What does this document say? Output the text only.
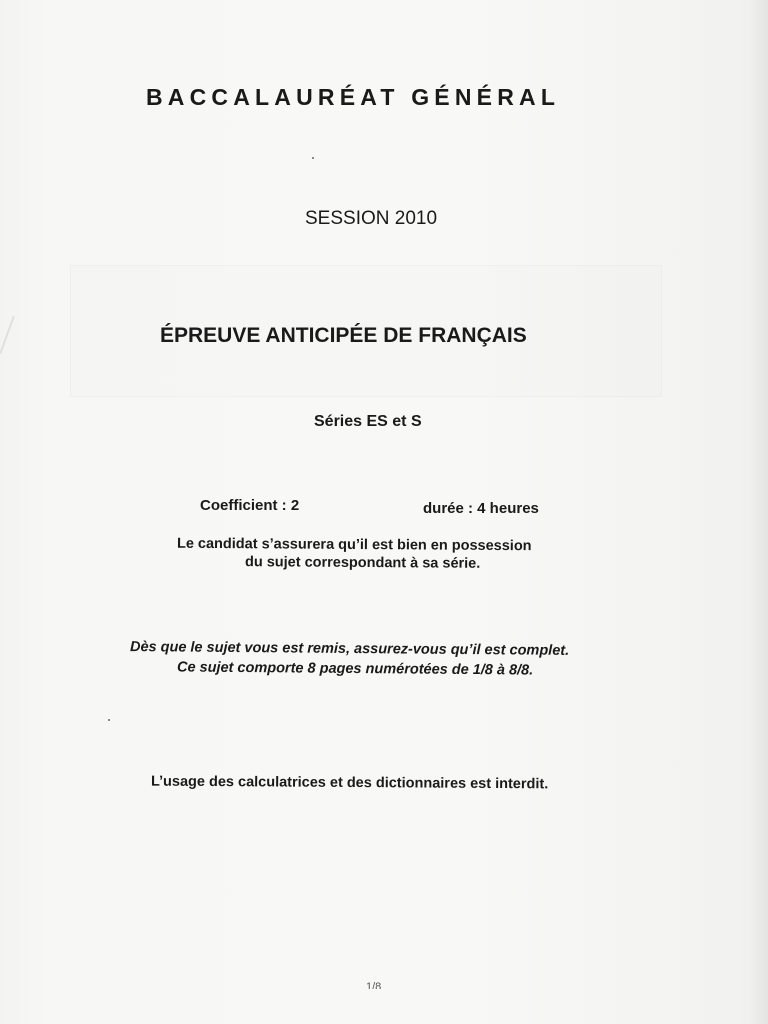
BACCALAURÉAT GÉNÉRAL

SESSION 2010

ÉPREUVE ANTICIPÉE DE FRANÇAIS

Séries ES et S

Coefficient : 2	durée : 4 heures

Le candidat s’assurera qu’il est bien en possession

du sujet correspondant à sa série.

Dès que le sujet vous est remis, assurez-vous qu’il est complet.

Ce sujet comporte 8 pages numérotées de 1/8 à 8/8.

L’usage des calculatrices et des dictionnaires est interdit.

1/8
